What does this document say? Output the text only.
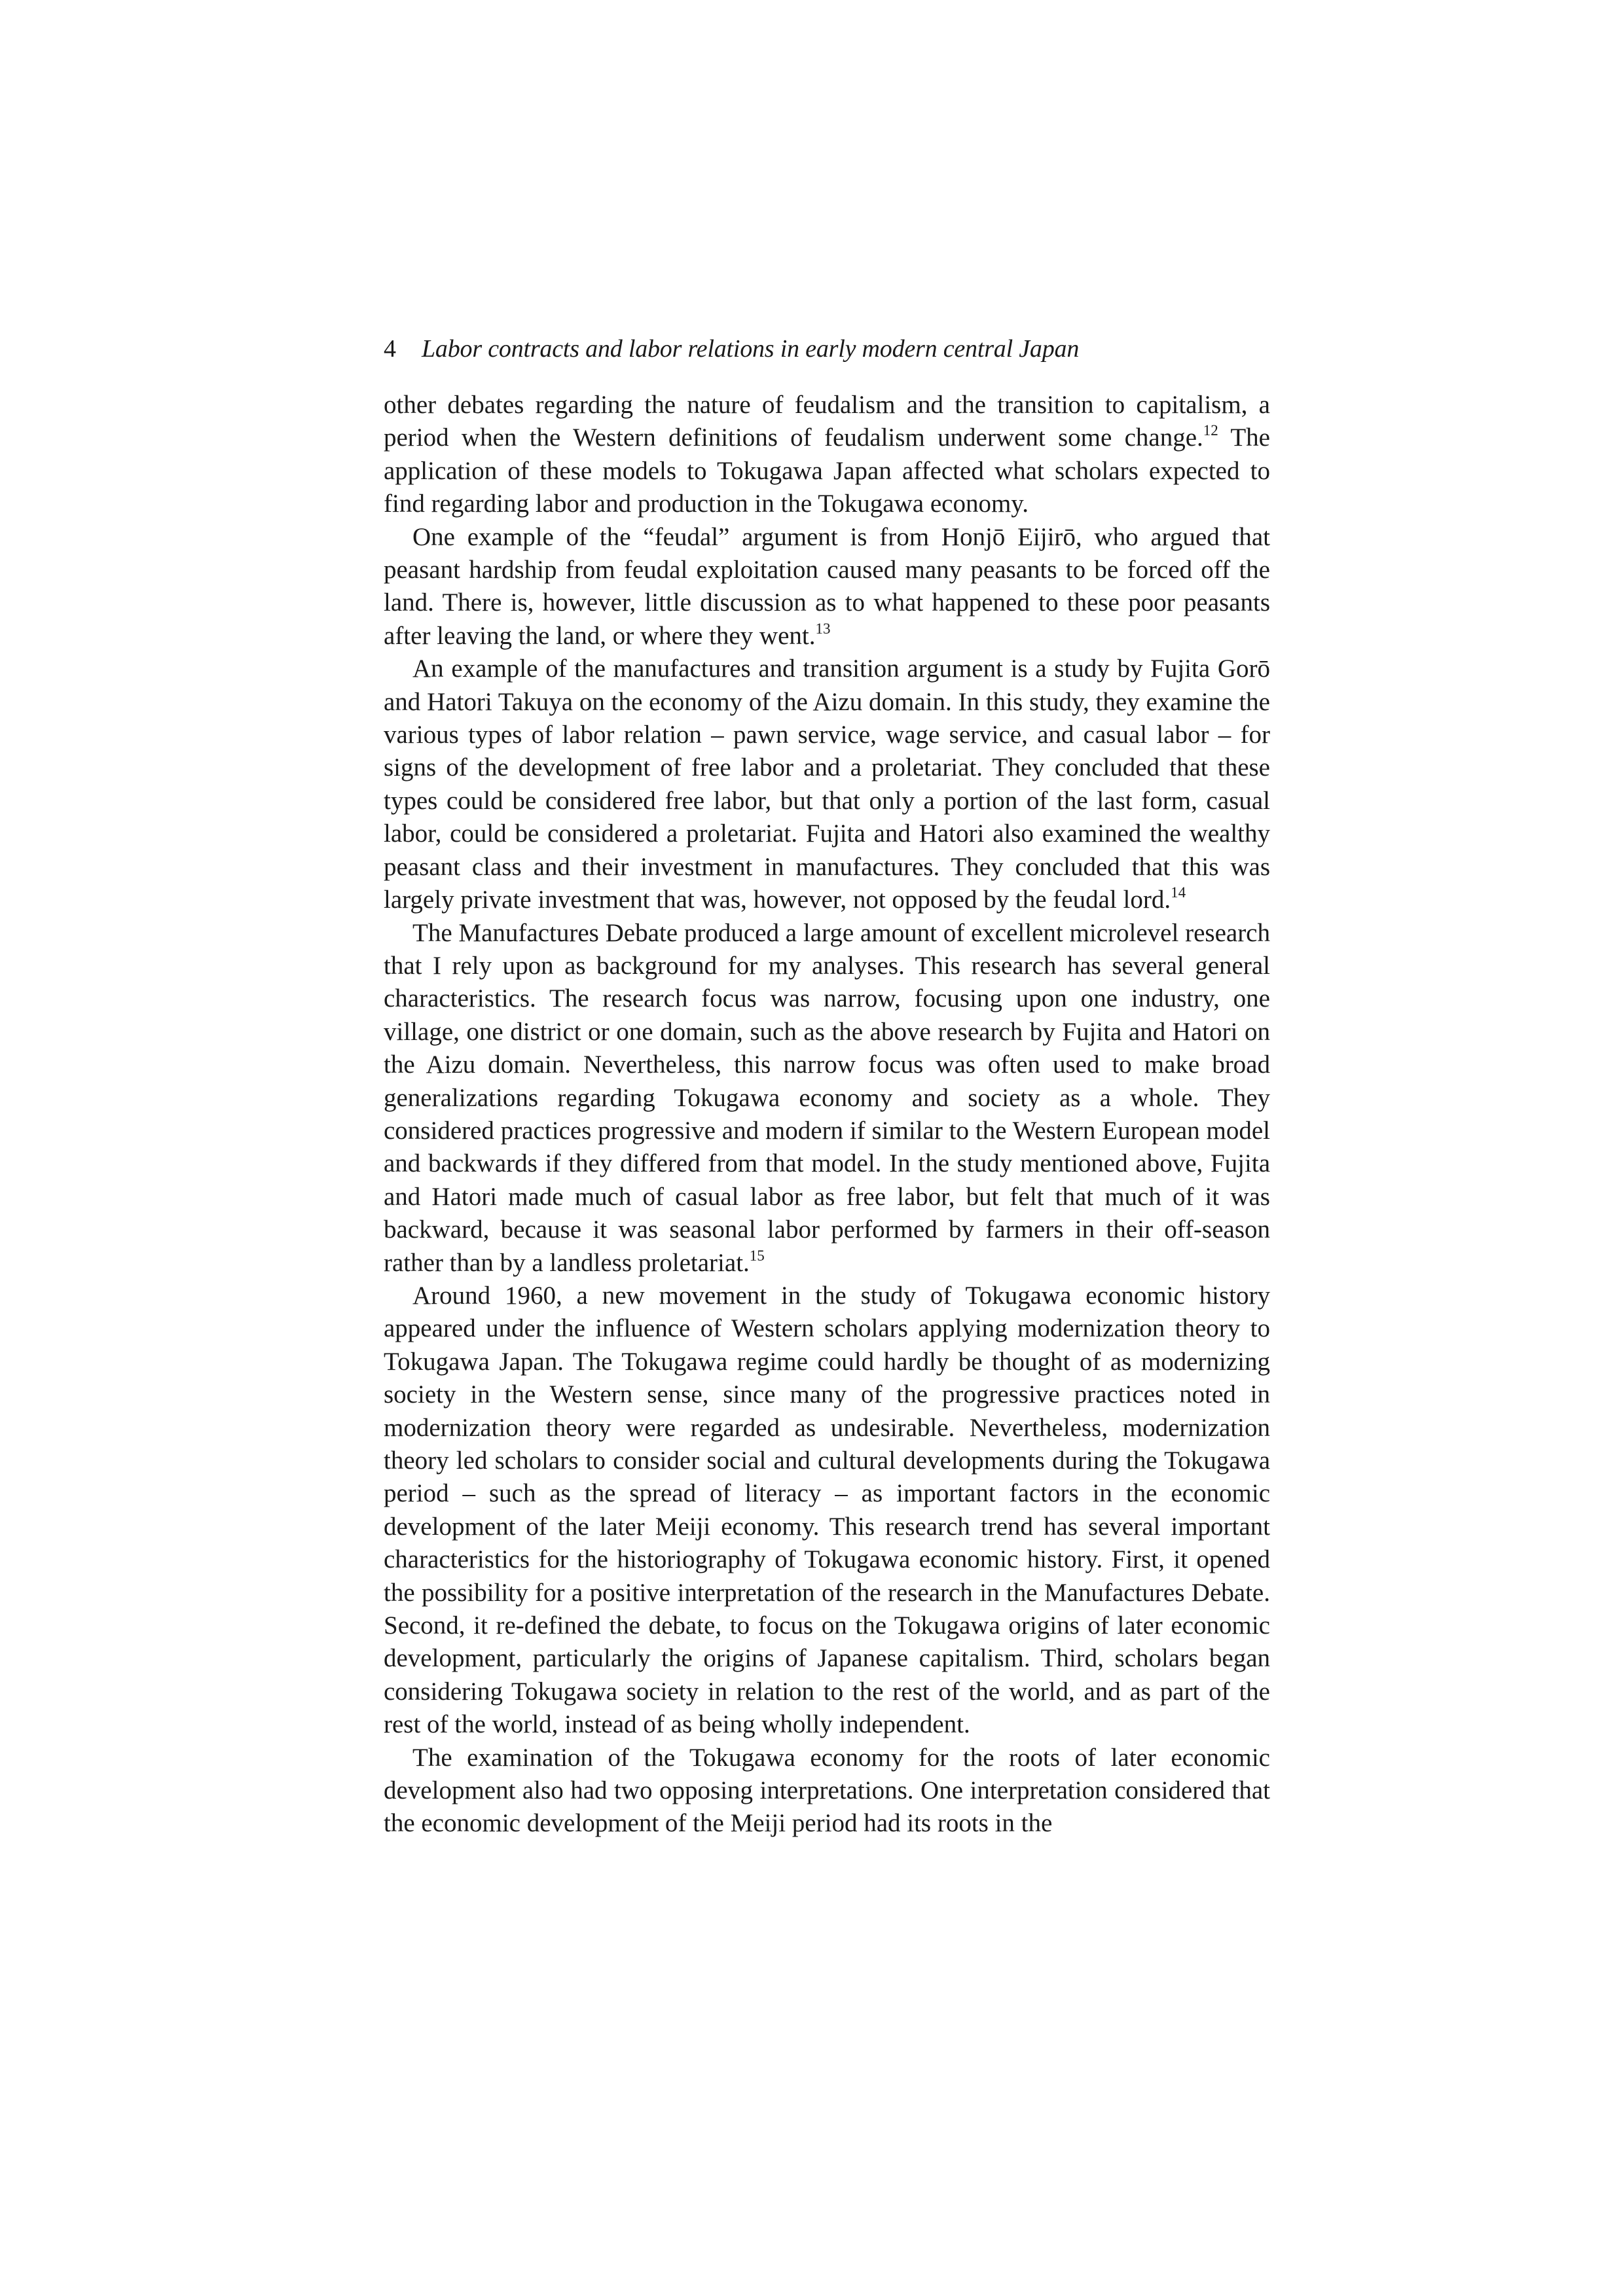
4 Labor contracts and labor relations in early modern central Japan

other debates regarding the nature of feudalism and the transition to capitalism, a period when the Western definitions of feudalism underwent some change.$^{12}$ The application of these models to Tokugawa Japan affected what scholars expected to find regarding labor and production in the Tokugawa economy.

One example of the “feudal” argument is from Honjō Eijirō, who argued that peasant hardship from feudal exploitation caused many peasants to be forced off the land. There is, however, little discussion as to what happened to these poor peasants after leaving the land, or where they went.$^{13}$

An example of the manufactures and transition argument is a study by Fujita Gorō and Hatori Takuya on the economy of the Aizu domain. In this study, they examine the various types of labor relation – pawn service, wage service, and casual labor – for signs of the development of free labor and a proletariat. They concluded that these types could be considered free labor, but that only a portion of the last form, casual labor, could be considered a proletariat. Fujita and Hatori also examined the wealthy peasant class and their investment in manufactures. They concluded that this was largely private investment that was, however, not opposed by the feudal lord.$^{14}$

The Manufactures Debate produced a large amount of excellent microlevel research that I rely upon as background for my analyses. This research has several general characteristics. The research focus was narrow, focusing upon one industry, one village, one district or one domain, such as the above research by Fujita and Hatori on the Aizu domain. Nevertheless, this narrow focus was often used to make broad generalizations regarding Tokugawa economy and society as a whole. They considered practices progressive and modern if similar to the Western European model and backwards if they differed from that model. In the study mentioned above, Fujita and Hatori made much of casual labor as free labor, but felt that much of it was backward, because it was seasonal labor performed by farmers in their off-season rather than by a landless proletariat.$^{15}$

Around 1960, a new movement in the study of Tokugawa economic history appeared under the influence of Western scholars applying modernization theory to Tokugawa Japan. The Tokugawa regime could hardly be thought of as modernizing society in the Western sense, since many of the progressive practices noted in modernization theory were regarded as undesirable. Nevertheless, modernization theory led scholars to consider social and cultural developments during the Tokugawa period – such as the spread of literacy – as important factors in the economic development of the later Meiji economy. This research trend has several important characteristics for the historiography of Tokugawa economic history. First, it opened the possibility for a positive interpretation of the research in the Manufactures Debate. Second, it re-defined the debate, to focus on the Tokugawa origins of later economic development, particularly the origins of Japanese capitalism. Third, scholars began considering Tokugawa society in relation to the rest of the world, and as part of the rest of the world, instead of as being wholly independent.

The examination of the Tokugawa economy for the roots of later economic development also had two opposing interpretations. One interpretation considered that the economic development of the Meiji period had its roots in the
